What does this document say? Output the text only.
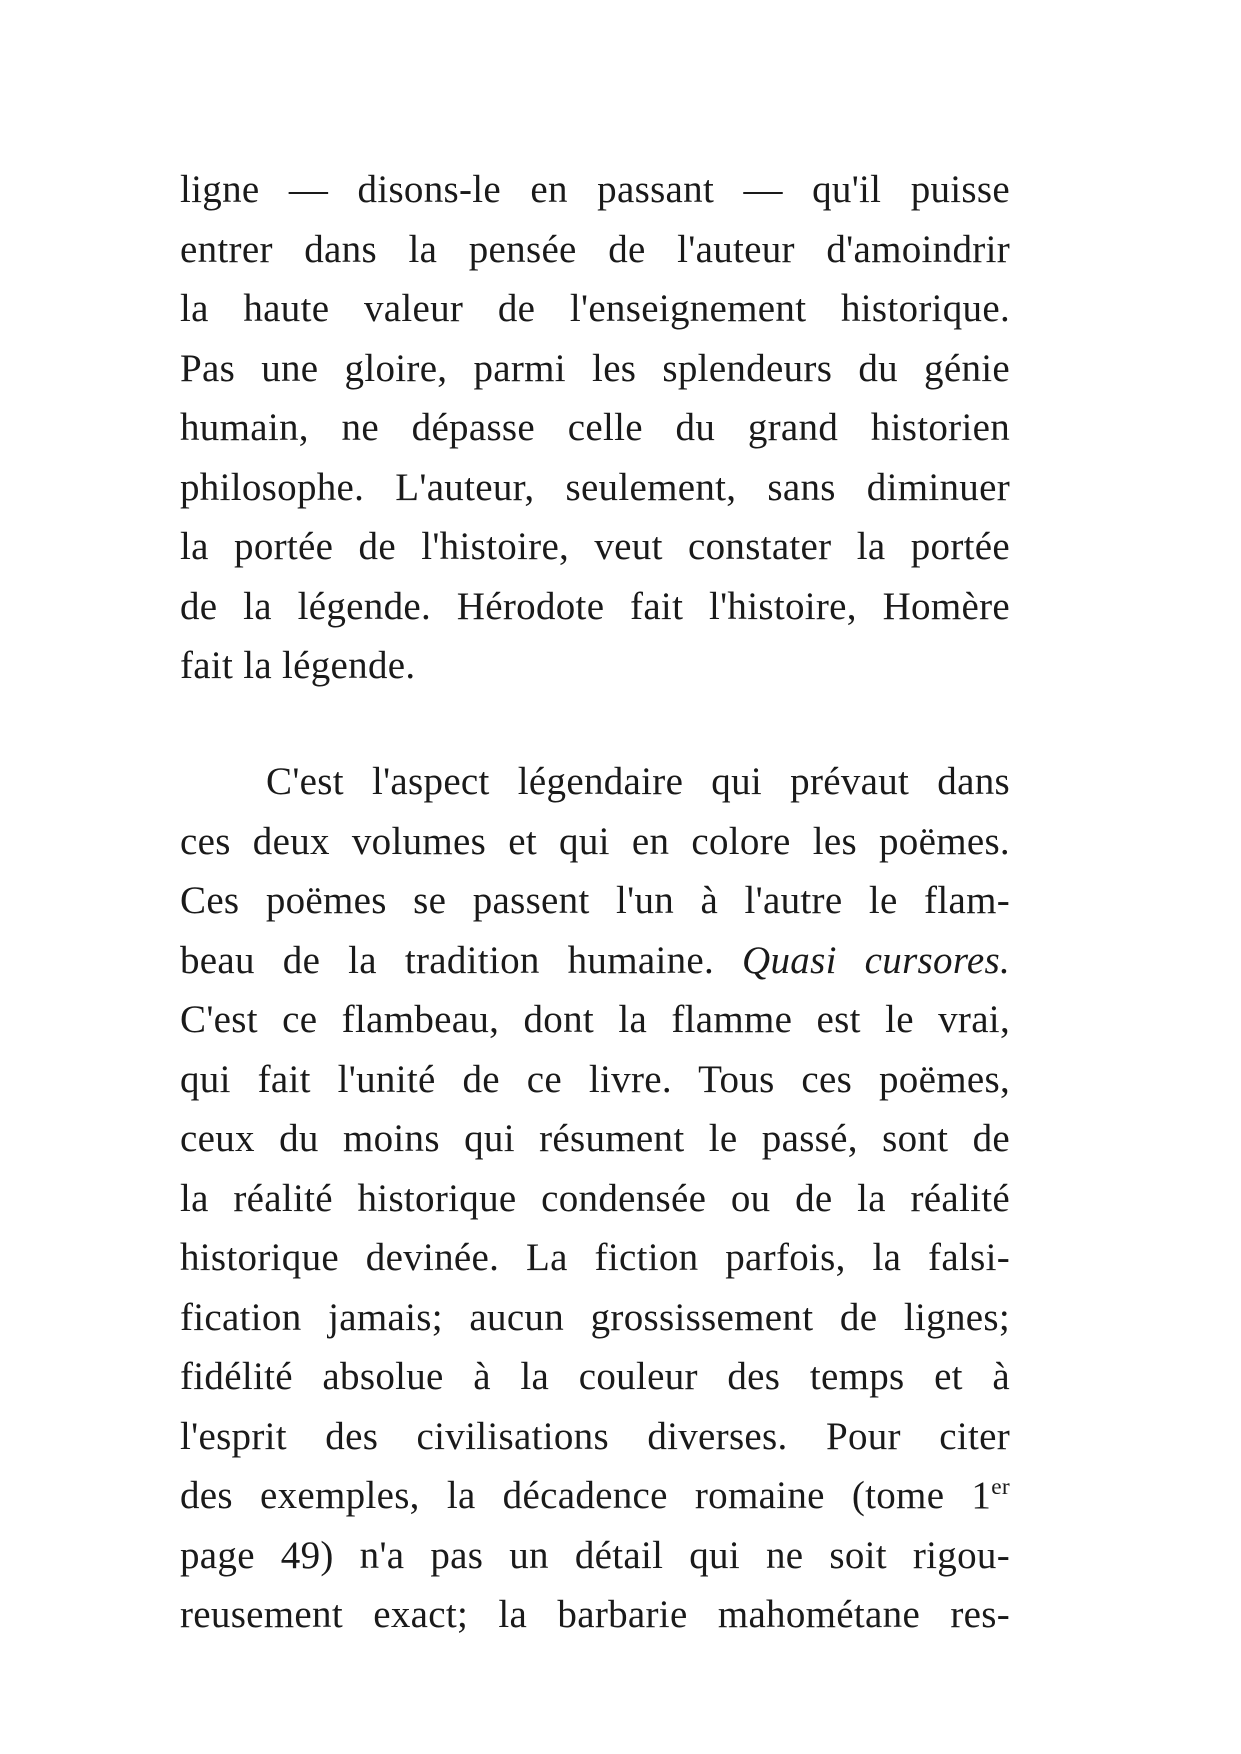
ligne — disons-le en passant — qu'il puisse
entrer dans la pensée de l'auteur d'amoindrir
la haute valeur de l'enseignement historique.
Pas une gloire, parmi les splendeurs du génie
humain, ne dépasse celle du grand historien
philosophe. L'auteur, seulement, sans diminuer
la portée de l'histoire, veut constater la portée
de la légende. Hérodote fait l'histoire, Homère
fait la légende.
C'est l'aspect légendaire qui prévaut dans
ces deux volumes et qui en colore les poëmes.
Ces poëmes se passent l'un à l'autre le flam-
beau de la tradition humaine. Quasi cursores.
C'est ce flambeau, dont la flamme est le vrai,
qui fait l'unité de ce livre. Tous ces poëmes,
ceux du moins qui résument le passé, sont de
la réalité historique condensée ou de la réalité
historique devinée. La fiction parfois, la falsi-
fication jamais; aucun grossissement de lignes;
fidélité absolue à la couleur des temps et à
l'esprit des civilisations diverses. Pour citer
des exemples, la décadence romaine (tome 1er
page 49) n'a pas un détail qui ne soit rigou-
reusement exact; la barbarie mahométane res-
